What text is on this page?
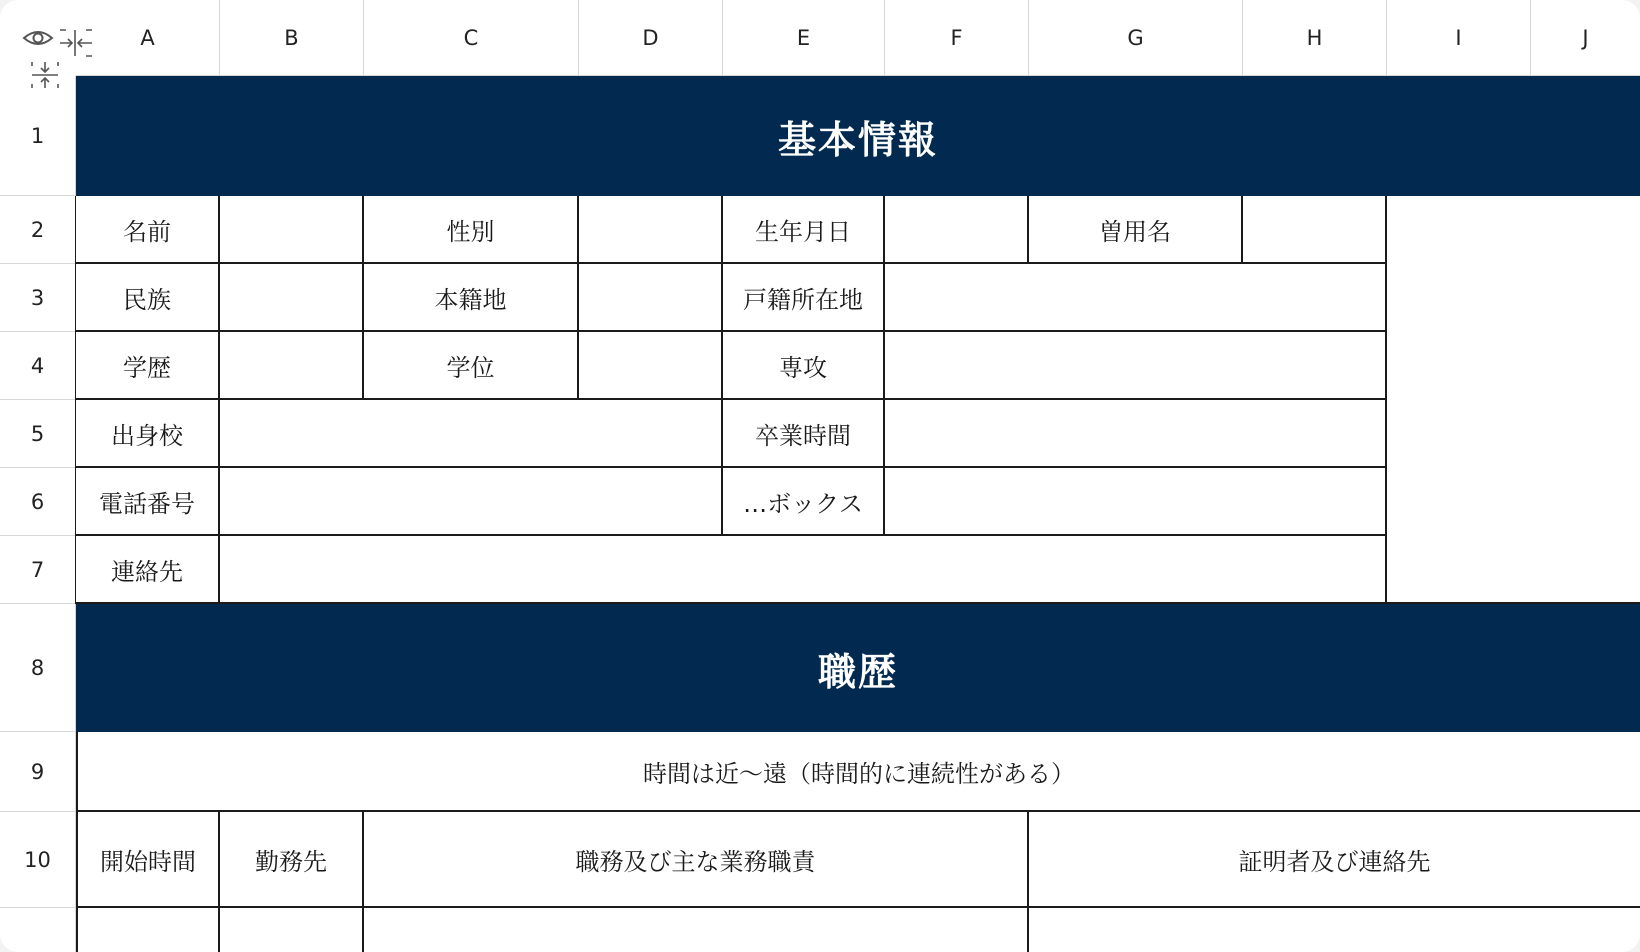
A	B	C	D	E	F	G	H	I	J
1
2
3
4
5
6
7
8
9
10
基本情報
名前	性別	生年月日	曽用名
民族	本籍地	戸籍所在地
学歴	学位	専攻
出身校	卒業時間
電話番号	…ボックス
連絡先
職歴
時間は近～遠（時間的に連続性がある）
開始時間	勤務先	職務及び主な業務職責	証明者及び連絡先
